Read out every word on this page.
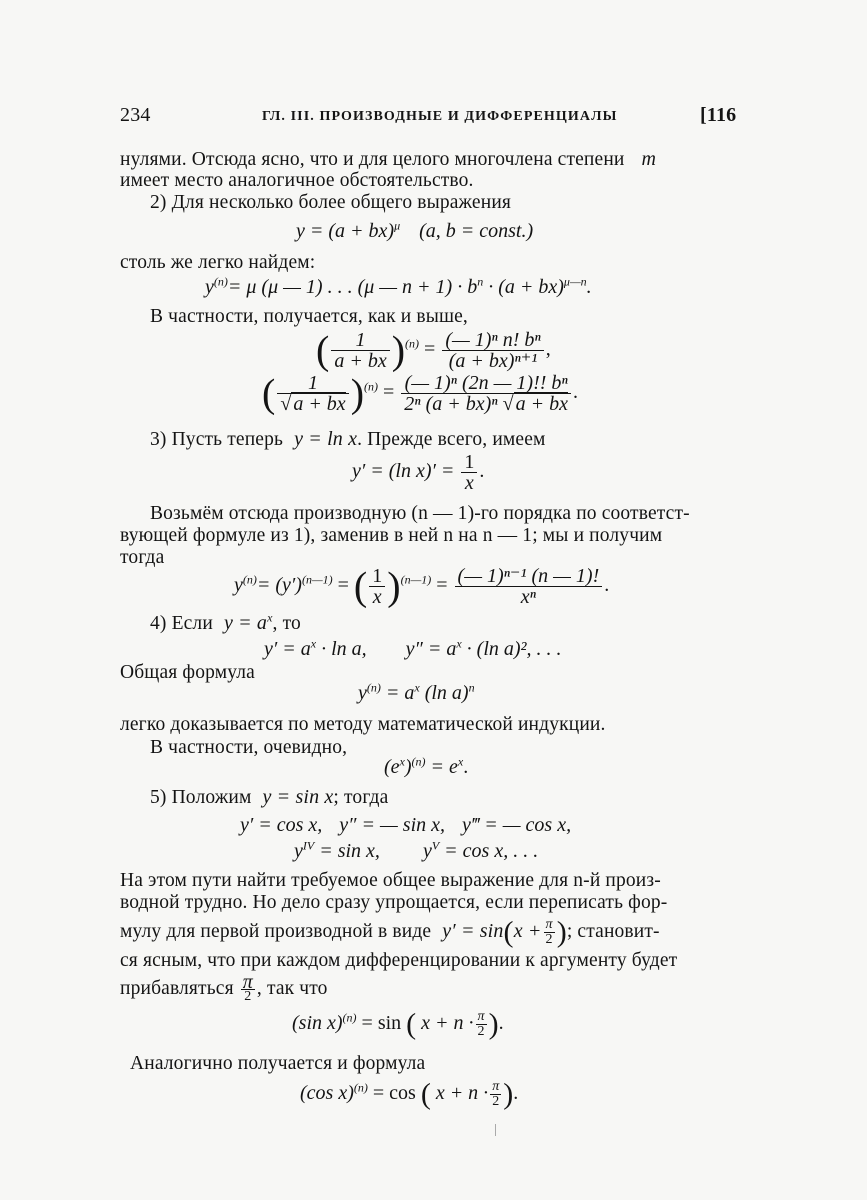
234	ГЛ. III. ПРОИЗВОДНЫЕ И ДИФФЕРЕНЦИАЛЫ	[116
нулями. Отсюда ясно, что и для целого многочлена степени m
имеет место аналогичное обстоятельство.
2) Для несколько более общего выражения
y = (a + bx)$^\mu$ (a, b = const.)
столь же легко найдем:
$y^{(n)}= \mu$ (μ — 1) . . . (μ — $n + 1) \cdot b^n \cdot (a + bx)^{\mu—n}$.
В частности, получается, как и выше,
( $\frac{1}{a + bx} )^{(n)} = \frac{\text{(— 1)ⁿ n! bⁿ}}{\text{(a + bx)ⁿ⁺¹}}$ ,
( $\frac{1}{√ a + bx} )^{(n)} = \frac{\text{(— 1)ⁿ (2n — 1)!! bⁿ}}{\text{2ⁿ (a + bx)ⁿ √ a + bx}}$ .
3) Пусть теперь y = ln x. Прежде всего, имеем
y′ = (ln $x)' = \frac{1}{x}$ .
Возьмём отсюда производную (n — 1)-го порядка по соответст-
вующей формуле из 1), заменив в ней n на n — 1; мы и получим
тогда
$y^{(n)}= (y')^{(n—1)}$ = ( $\frac{1}{x} )^{(n—1)} = \frac{\text{(— 1)ⁿ⁻¹ (n — 1)!}}{\text{xⁿ}}$ .
4) Если $y = a^x$, то
$y' = a^x \cdot \ln a$, $y'' = a^x \cdot (\ln$ a)², . . .
Общая формула
$y^{(n)} = a^x$ (ln a)$^n$
легко доказывается по методу математической индукции.
В частности, очевидно,
$(e^x)^{(n)} = e^x$.
5) Положим y = sin x; тогда
y′ = cos x, y″ = — sin x, y‴ = — cos x,
$y^{IV} = \sin x$, $y^V = \cos x$, . . .
На этом пути найти требуемое общее выражение для n-й произ-
водной трудно. Но дело сразу упрощается, если переписать фор-
мулу для первой производной в виде $y' = \sin(x + \frac{\pi}{2}$ ); становит-
ся ясным, что при каждом дифференцировании к аргументу будет
прибавляться $\frac{\pi}{2}$ , так что
(sin x)$^{(n)}$ = sin ( $x + n \cdot \frac{\pi}{2}$ ).
Аналогично получается и формула
(cos x)$^{(n)}$ = cos ( $x + n \cdot \frac{\pi}{2}$ ).
